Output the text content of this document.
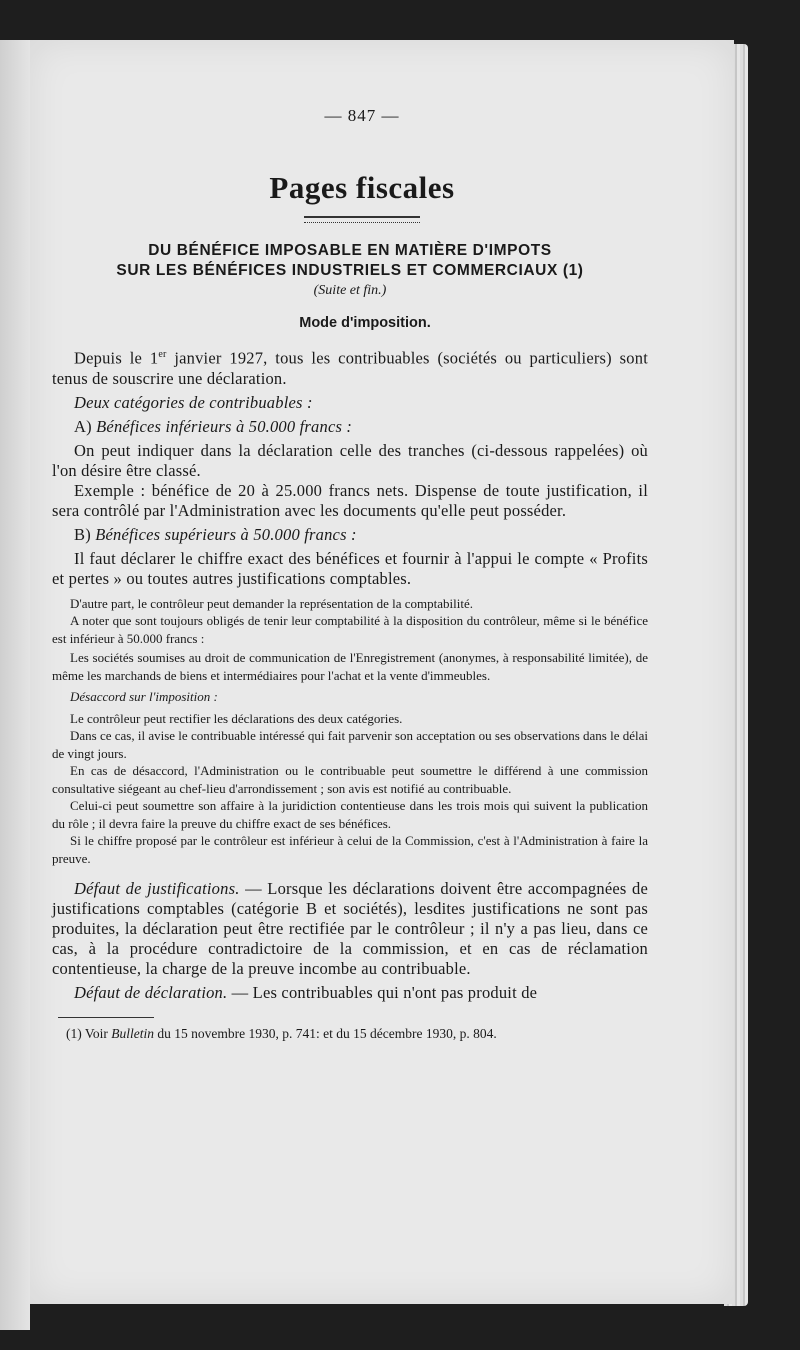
— 847 —
Pages fiscales
DU BÉNÉFICE IMPOSABLE EN MATIÈRE D'IMPOTS
SUR LES BÉNÉFICES INDUSTRIELS ET COMMERCIAUX (1)
(Suite et fin.)
Mode d'imposition.

Depuis le 1er janvier 1927, tous les contribuables (sociétés ou particuliers) sont tenus de souscrire une déclaration.

Deux catégories de contribuables :

A) Bénéfices inférieurs à 50.000 francs :

On peut indiquer dans la déclaration celle des tranches (ci-dessous rappelées) où l'on désire être classé.

Exemple : bénéfice de 20 à 25.000 francs nets. Dispense de toute justification, il sera contrôlé par l'Administration avec les documents qu'elle peut posséder.

B) Bénéfices supérieurs à 50.000 francs :

Il faut déclarer le chiffre exact des bénéfices et fournir à l'appui le compte « Profits et pertes » ou toutes autres justifications comptables.

D'autre part, le contrôleur peut demander la représentation de la comptabilité.

A noter que sont toujours obligés de tenir leur comptabilité à la disposition du contrôleur, même si le bénéfice est inférieur à 50.000 francs :

Les sociétés soumises au droit de communication de l'Enregistrement (anonymes, à responsabilité limitée), de même les marchands de biens et intermédiaires pour l'achat et la vente d'immeubles.

Désaccord sur l'imposition :

Le contrôleur peut rectifier les déclarations des deux catégories.

Dans ce cas, il avise le contribuable intéressé qui fait parvenir son acceptation ou ses observations dans le délai de vingt jours.

En cas de désaccord, l'Administration ou le contribuable peut soumettre le différend à une commission consultative siégeant au chef-lieu d'arrondissement ; son avis est notifié au contribuable.

Celui-ci peut soumettre son affaire à la juridiction contentieuse dans les trois mois qui suivent la publication du rôle ; il devra faire la preuve du chiffre exact de ses bénéfices.

Si le chiffre proposé par le contrôleur est inférieur à celui de la Commission, c'est à l'Administration à faire la preuve.

Défaut de justifications. — Lorsque les déclarations doivent être accompagnées de justifications comptables (catégorie B et sociétés), lesdites justifications ne sont pas produites, la déclaration peut être rectifiée par le contrôleur ; il n'y a pas lieu, dans ce cas, à la procédure contradictoire de la commission, et en cas de réclamation contentieuse, la charge de la preuve incombe au contribuable.

Défaut de déclaration. — Les contribuables qui n'ont pas produit de

(1) Voir Bulletin du 15 novembre 1930, p. 741: et du 15 décembre 1930, p. 804.
